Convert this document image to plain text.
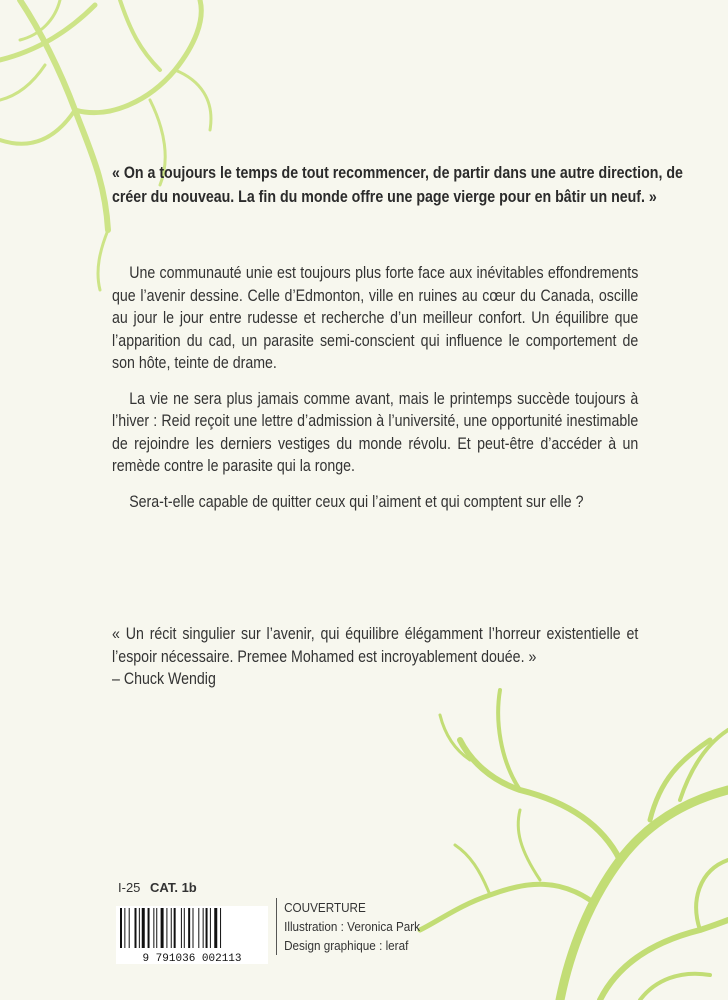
« On a toujours le temps de tout recommencer, de partir dans une autre direction, de créer du nouveau. La fin du monde offre une page vierge pour en bâtir un neuf. »

Une communauté unie est toujours plus forte face aux inévitables effondrements que l’avenir dessine. Celle d’Edmonton, ville en ruines au cœur du Canada, oscille au jour le jour entre rudesse et recherche d’un meilleur confort. Un équilibre que l’apparition du cad, un parasite semi-conscient qui influence le comportement de son hôte, teinte de drame.

La vie ne sera plus jamais comme avant, mais le printemps succède toujours à l’hiver : Reid reçoit une lettre d’admission à l’université, une opportunité inestimable de rejoindre les derniers vestiges du monde révolu. Et peut-être d’accéder à un remède contre le parasite qui la ronge.

Sera-t-elle capable de quitter ceux qui l’aiment et qui comptent sur elle ?

« Un récit singulier sur l’avenir, qui équilibre élégamment l’horreur existentielle et l’espoir nécessaire. Premee Mohamed est incroyablement douée. »

– Chuck Wendig

I-25 CAT. 1b
9 791036 002113
COUVERTURE
Illustration : Veronica Park
Design graphique : leraf
